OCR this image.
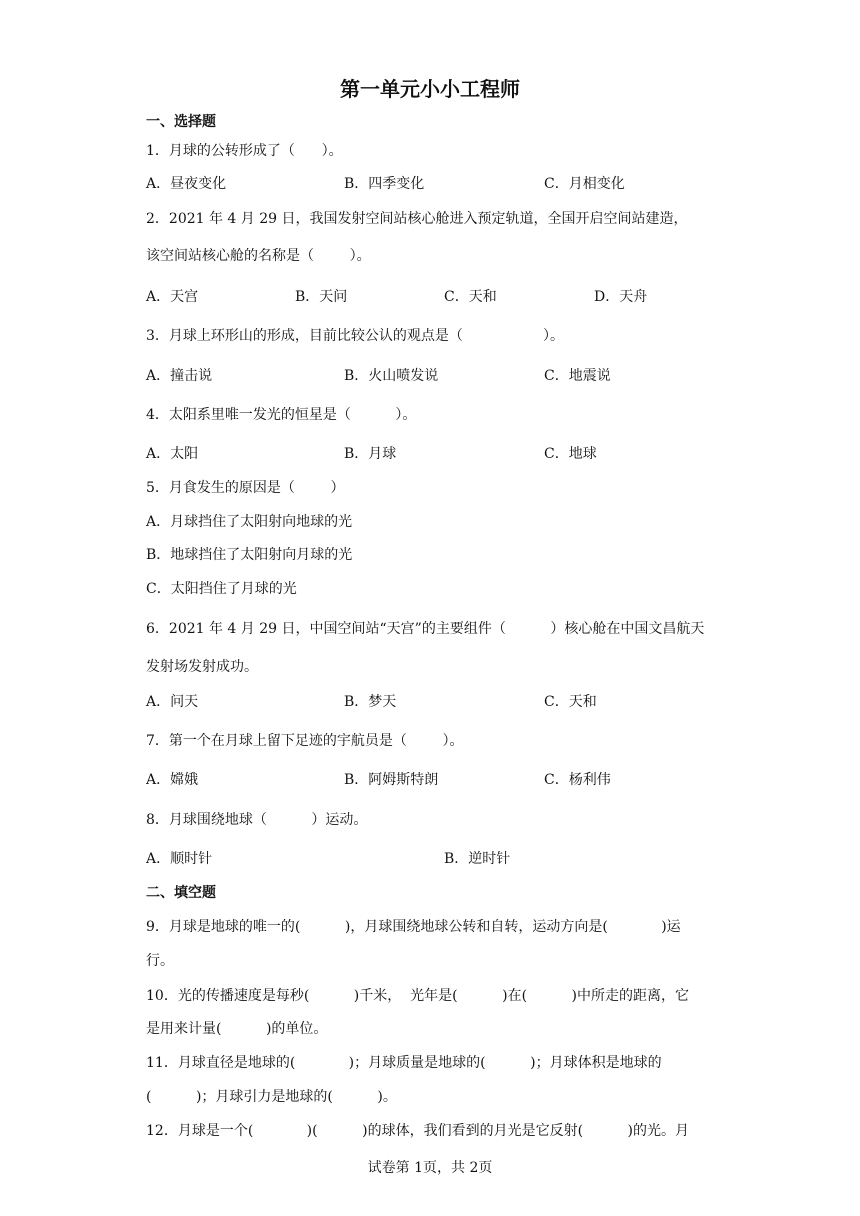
第一单元小小工程师
一、选择题
1．月球的公转形成了（      ）。
A．昼夜变化	B．四季变化	C．月相变化
2．2021 年 4 月 29 日，我国发射空间站核心舱进入预定轨道，全国开启空间站建造，
该空间站核心舱的名称是（        ）。
A．天宫	B．天问	C．天和	D．天舟
3．月球上环形山的形成，目前比较公认的观点是（                  ）。
A．撞击说	B．火山喷发说	C．地震说
4．太阳系里唯一发光的恒星是（          ）。
A．太阳	B．月球	C．地球
5．月食发生的原因是（        ）
A．月球挡住了太阳射向地球的光
B．地球挡住了太阳射向月球的光
C．太阳挡住了月球的光
6．2021 年 4 月 29 日，中国空间站“天宫”的主要组件（          ）核心舱在中国文昌航天
发射场发射成功。
A．问天	B．梦天	C．天和
7．第一个在月球上留下足迹的宇航员是（        ）。
A．嫦娥	B．阿姆斯特朗	C．杨利伟
8．月球围绕地球（          ）运动。
A．顺时针	B．逆时针
二、填空题
9．月球是地球的唯一的(          )，月球围绕地球公转和自转，运动方向是(            )运
行。
10．光的传播速度是每秒(          )千米，  光年是(          )在(          )中所走的距离，它
是用来计量(          )的单位。
11．月球直径是地球的(            )；月球质量是地球的(          )；月球体积是地球的
(          )；月球引力是地球的(          )。
12．月球是一个(            )(          )的球体，我们看到的月光是它反射(          )的光。月
试卷第 1页，共 2页
